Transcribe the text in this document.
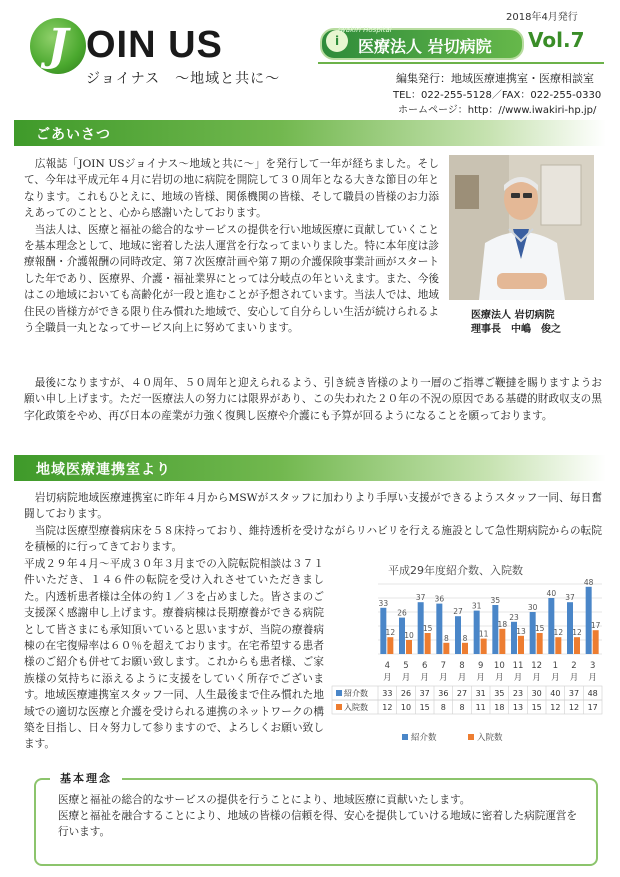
2018年4月発行
J OIN US
ジョイナス　～地域と共に～
i
Iwakiri Hospital
医療法人 岩切病院 Vol.7
編集発行：地域医療連携室・医療相談室
TEL：022-255-5128／FAX：022-255-0330
ホームページ：http：//www.iwakiri-hp.jp/
ごあいさつ

　広報誌「JOIN USジョイナス～地域と共に～」を発行して一年が経ちました。そして、今年は平成元年４月に岩切の地に病院を開院して３０周年となる大きな節目の年となります。これもひとえに、地域の皆様、関係機関の皆様、そして職員の皆様のお力添えあってのことと、心から感謝いたしております。

　当法人は、医療と福祉の総合的なサービスの提供を行い地域医療に貢献していくことを基本理念として、地域に密着した法人運営を行なってまいりました。特に本年度は診療報酬・介護報酬の同時改定、第７次医療計画や第７期の介護保険事業計画がスタートした年であり、医療界、介護・福祉業界にとっては分岐点の年といえます。また、今後はこの地域においても高齢化が一段と進むことが予想されています。当法人では、地域住民の皆様方ができる限り住み慣れた地域で、安心して自分らしい生活が続けられるよう全職員一丸となってサービス向上に努めてまいります。

医療法人 岩切病院
理事長　中嶋　俊之

　最後になりますが、４０周年、５０周年と迎えられるよう、引き続き皆様のより一層のご指導ご鞭撻を賜りますようお願い申し上げます。ただ一医療法人の努力には限界があり、この失われた２０年の不況の原因である基礎的財政収支の黒字化政策をやめ、再び日本の産業が力強く復興し医療や介護にも予算が回るようになることを願っております。

地域医療連携室より

　岩切病院地域医療連携室に昨年４月からMSWがスタッフに加わりより手厚い支援ができるようスタッフ一同、毎日奮闘しております。

　当院は医療型療養病床を５８床持っており、維持透析を受けながらリハビリを行える施設として急性期病院からの転院を積極的に行ってきております。

平成２９年４月～平成３０年３月までの入院転院相談は３７１件いただき、１４６件の転院を受け入れさせていただきました。内透析患者様は全体の約１／３を占めました。皆さまのご支援深く感謝申し上げます。療養病棟は長期療養ができる病院として皆さまにも承知頂いていると思いますが、当院の療養病棟の在宅復帰率は６０％を超えております。在宅希望する患者様のご紹介も併せてお願い致します。これからも患者様、ご家族様の気持ちに添えるように支援をしていく所存でございます。地域医療連携室スタッフ一同、人生最後まで住み慣れた地域での適切な医療と介護を受けられる連携のネットワークの構築を目指し、日々努力して参りますので、よろしくお願い致します。

平成29年度紹介数、入院数
33
12
4
月
26
10
5
月
37
15
6
月
36
8
7
月
27
8
8
月
31
11
9
月
35
18
10
月
23
13
11
月
30
15
12
月
40
12
1
月
37
12
2
月
48
17
3
月
紹介数 33 26 37 36 27 31 35 23 30 40 37 48
入院数 12 10 15 8 8 11 18 13 15 12 12 17
紹介数	入院数
基本理念

医療と福祉の総合的なサービスの提供を行うことにより、地域医療に貢献いたします。

医療と福祉を融合することにより、地域の皆様の信頼を得、安心を提供していける地域に密着した病院運営を行います。
